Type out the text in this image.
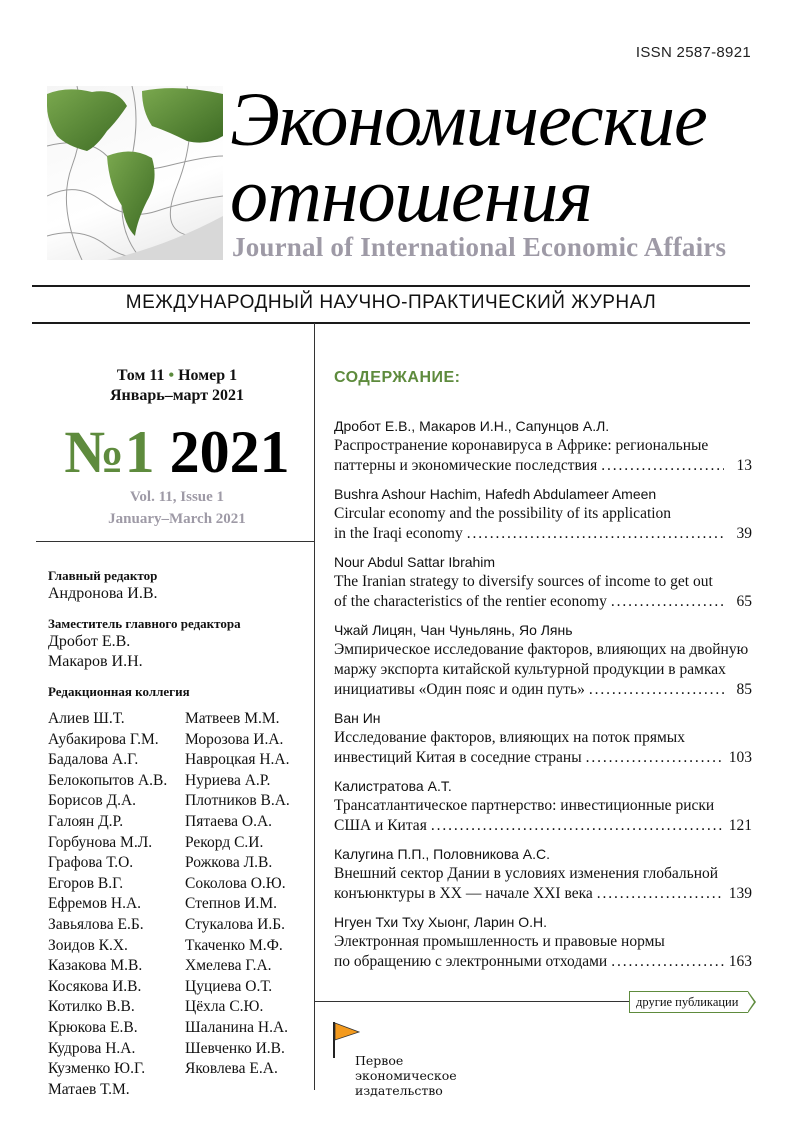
ISSN 2587-8921
Экономические
отношения
Journal of International Economic Affairs
МЕЖДУНАРОДНЫЙ НАУЧНО-ПРАКТИЧЕСКИЙ ЖУРНАЛ
Том 11 • Номер 1
Январь–март 2021
№1 2021
Vol. 11, Issue 1
January–March 2021
Главный редактор
Андронова И.В.
Заместитель главного редактора
Дробот Е.В.
Макаров И.Н.
Редакционная коллегия
Алиев Ш.Т.	Матвеев М.М.
Аубакирова Г.М.	Морозова И.А.
Бадалова А.Г.	Навроцкая Н.А.
Белокопытов А.В.	Нуриева А.Р.
Борисов Д.А.	Плотников В.А.
Галоян Д.Р.	Пятаева О.А.
Горбунова М.Л.	Рекорд С.И.
Графова Т.О.	Рожкова Л.В.
Егоров В.Г.	Соколова О.Ю.
Ефремов Н.А.	Степнов И.М.
Завьялова Е.Б.	Стукалова И.Б.
Зоидов К.Х.	Ткаченко М.Ф.
Казакова М.В.	Хмелева Г.А.
Косякова И.В.	Цуциева О.Т.
Котилко В.В.	Цёхла С.Ю.
Крюкова Е.В.	Шаланина Н.А.
Кудрова Н.А.	Шевченко И.В.
Кузменко Ю.Г.	Яковлева Е.А.
Матаев Т.М.
СОДЕРЖАНИЕ:
Дробот Е.В., Макаров И.Н., Сапунцов А.Л.
Распространение коронавируса в Африке: региональные
паттерны и экономические последствия . . .	13
Bushra Ashour Hachim, Hafedh Abdulameer Ameen
Circular economy and the possibility of its application
in the Iraqi economy . . .	39
Nour Abdul Sattar Ibrahim
The Iranian strategy to diversify sources of income to get out
of the characteristics of the rentier economy . . .	65
Чжай Лицян, Чан Чуньлянь, Яо Лянь
Эмпирическое исследование факторов, влияющих на двойную
маржу экспорта китайской культурной продукции в рамках
инициативы «Один пояс и один путь» . . .	85
Ван Ин
Исследование факторов, влияющих на поток прямых
инвестиций Китая в соседние страны . . .	103
Калистратова А.Т.
Трансатлантическое партнерство: инвестиционные риски
США и Китая . . .	121
Калугина П.П., Половникова А.С.
Внешний сектор Дании в условиях изменения глобальной
конъюнктуры в XX — начале XXI века . . .	139
Нгуен Тхи Тху Хыонг, Ларин О.Н.
Электронная промышленность и правовые нормы
по обращению с электронными отходами . . .	163
другие публикации
Первое
экономическое
издательство
